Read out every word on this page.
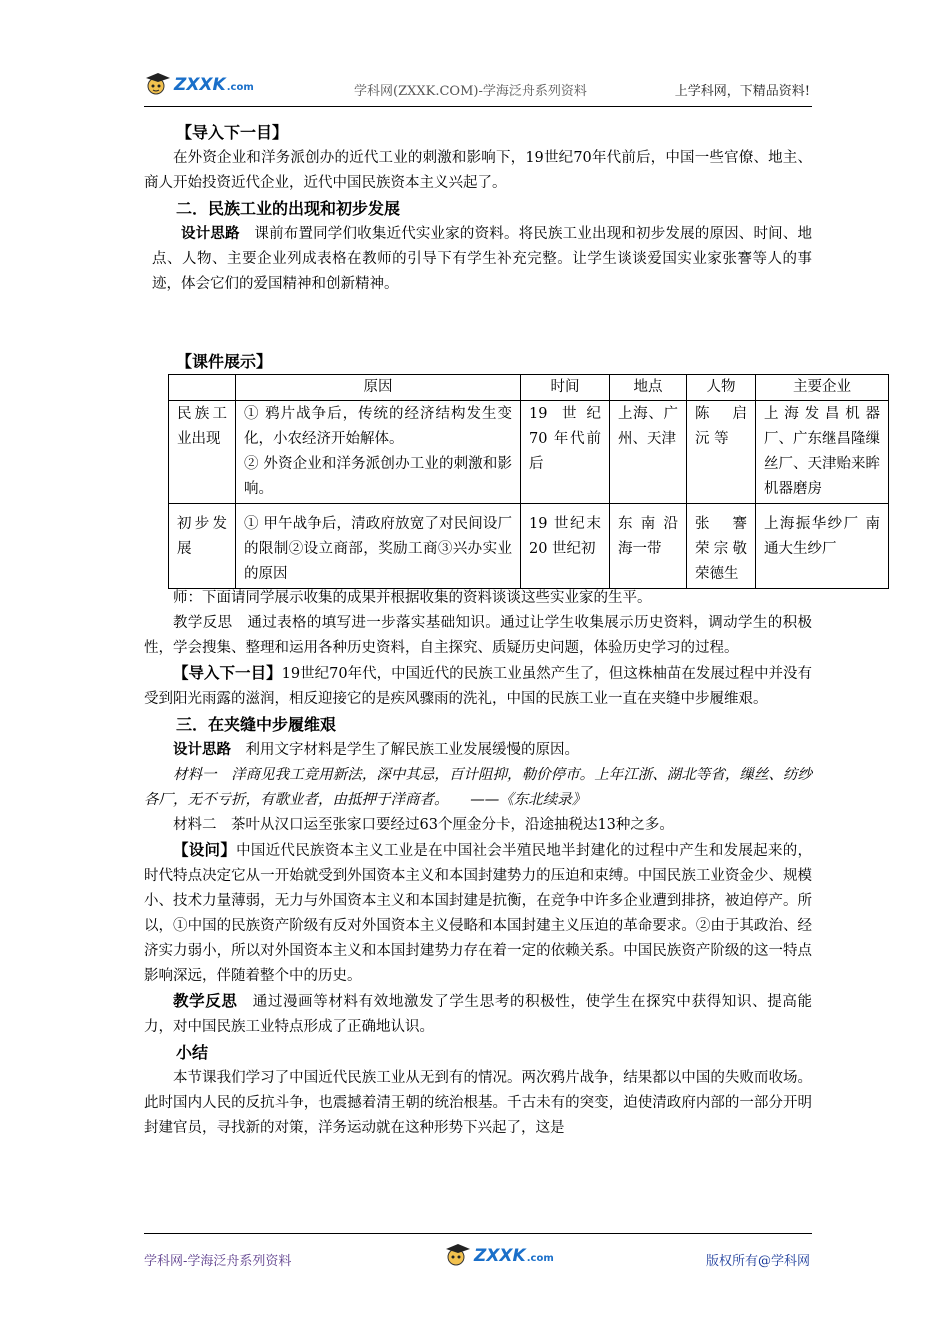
ZXXK .com	学科网(ZXXK.COM)-学海泛舟系列资料	上学科网，下精品资料!

【导入下一目】

在外资企业和洋务派创办的近代工业的刺激和影响下，19世纪70年代前后，中国一些官僚、地主、商人开始投资近代企业，近代中国民族资本主义兴起了。

二．民族工业的出现和初步发展

设计思路　 课前布置同学们收集近代实业家的资料。将民族工业出现和初步发展的原因、时间、地点、人物、主要企业列成表格在教师的引导下有学生补充完整。让学生谈谈爱国实业家张謇等人的事迹，体会它们的爱国精神和创新精神。

【课件展示】

	原因	时间	地点	人物	主要企业
民族工业出现	① 鸦片战争后，传统的经济结构发生变化，小农经济开始解体。
② 外资企业和洋务派创办工业的刺激和影响。	19 世纪 70 年代前后	上海、广州、天津	陈 启 沅 等	上 海 发 昌 机 器 厂、广东继昌隆缫丝厂、天津贻来眸机器磨房
初步发展	① 甲午战争后，清政府放宽了对民间设厂的限制②设立商部，奖励工商③兴办实业的原因	19 世纪末 20 世纪初	东 南 沿 海一带	张　謇 荣宗敬 荣德生	上海振华纱厂 南通大生纱厂

师：下面请同学展示收集的成果并根据收集的资料谈谈这些实业家的生平。

教学反思　 通过表格的填写进一步落实基础知识。通过让学生收集展示历史资料，调动学生的积极性，学会搜集、整理和运用各种历史资料，自主探究、质疑历史问题，体验历史学习的过程。

【导入下一目】19世纪70年代，中国近代的民族工业虽然产生了，但这株柚苗在发展过程中并没有受到阳光雨露的滋润，相反迎接它的是疾风骤雨的洗礼，中国的民族工业一直在夹缝中步履维艰。

三．在夹缝中步履维艰

设计思路　 利用文字材料是学生了解民族工业发展缓慢的原因。

材料一　 洋商见我工竞用新法，深中其忌，百计阻抑，勒价停市。上年江浙、湖北等省，缫丝、纺纱各厂，无不亏折，有歌业者，由抵押于洋商者。　　——《东北续录》

材料二　 茶叶从汉口运至张家口要经过63个厘金分卡，沿途抽税达13种之多。

【设问】中国近代民族资本主义工业是在中国社会半殖民地半封建化的过程中产生和发展起来的，时代特点决定它从一开始就受到外国资本主义和本国封建势力的压迫和束缚。中国民族工业资金少、规模小、技术力量薄弱，无力与外国资本主义和本国封建是抗衡，在竞争中许多企业遭到排挤，被迫停产。所以，①中国的民族资产阶级有反对外国资本主义侵略和本国封建主义压迫的革命要求。②由于其政治、经济实力弱小，所以对外国资本主义和本国封建势力存在着一定的依赖关系。中国民族资产阶级的这一特点影响深远，伴随着整个中的历史。

教学反思　 通过漫画等材料有效地激发了学生思考的积极性，使学生在探究中获得知识、提高能力，对中国民族工业特点形成了正确地认识。

小结

本节课我们学习了中国近代民族工业从无到有的情况。两次鸦片战争，结果都以中国的失败而收场。此时国内人民的反抗斗争，也震撼着清王朝的统治根基。千古未有的突变，迫使清政府内部的一部分开明封建官员，寻找新的对策，洋务运动就在这种形势下兴起了，这是

学科网-学海泛舟系列资料	ZXXK .com	版权所有@学科网
